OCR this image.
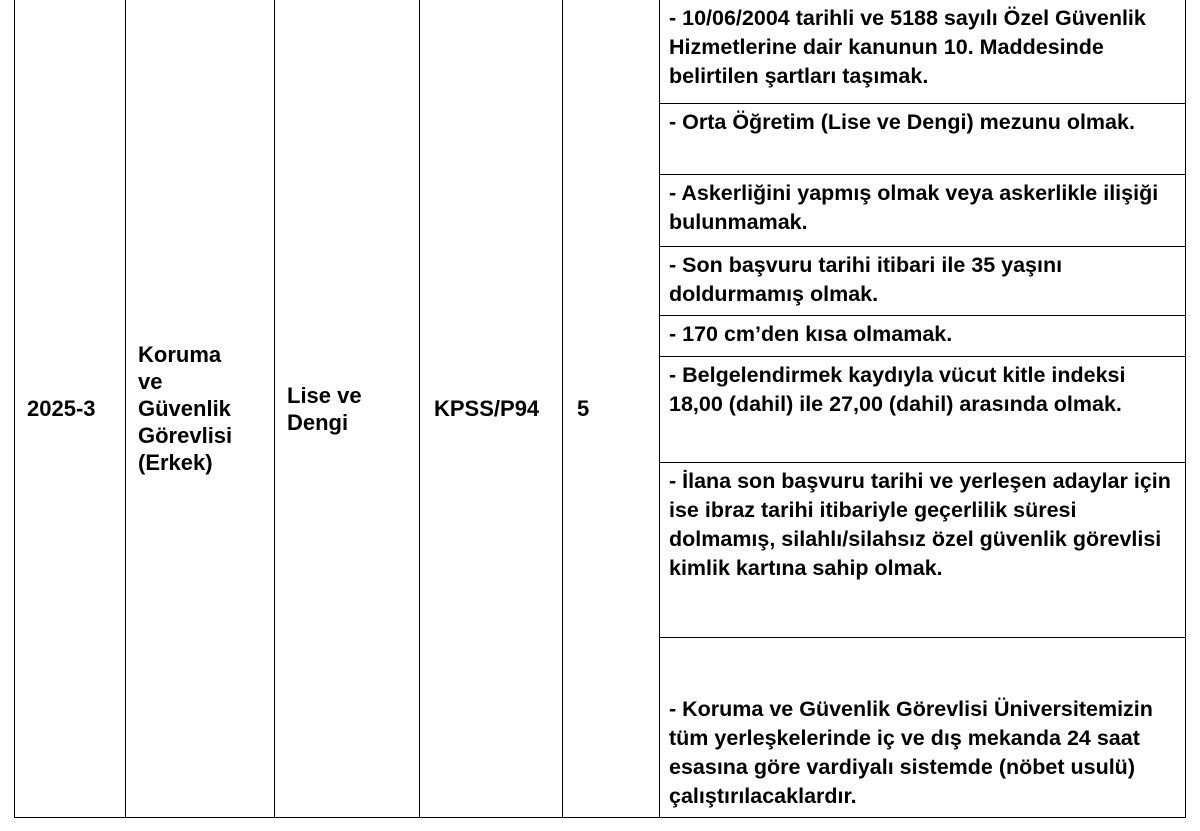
2025-3
Koruma
ve
Güvenlik
Görevlisi
(Erkek)
Lise ve
Dengi
KPSS/P94 5
- 10/06/2004 tarihli ve 5188 sayılı Özel Güvenlik Hizmetlerine dair kanunun 10. Maddesinde belirtilen şartları taşımak.
- Orta Öğretim (Lise ve Dengi) mezunu olmak.
- Askerliğini yapmış olmak veya askerlikle ilişiği bulunmamak.
- Son başvuru tarihi itibari ile 35 yaşını doldurmamış olmak.
- 170 cm’den kısa olmamak.
- Belgelendirmek kaydıyla vücut kitle indeksi 18,00 (dahil) ile 27,00 (dahil) arasında olmak.
- İlana son başvuru tarihi ve yerleşen adaylar için ise ibraz tarihi itibariyle geçerlilik süresi dolmamış, silahlı/silahsız özel güvenlik görevlisi kimlik kartına sahip olmak.
- Koruma ve Güvenlik Görevlisi Üniversitemizin tüm yerleşkelerinde iç ve dış mekanda 24 saat esasına göre vardiyalı sistemde (nöbet usulü) çalıştırılacaklardır.
